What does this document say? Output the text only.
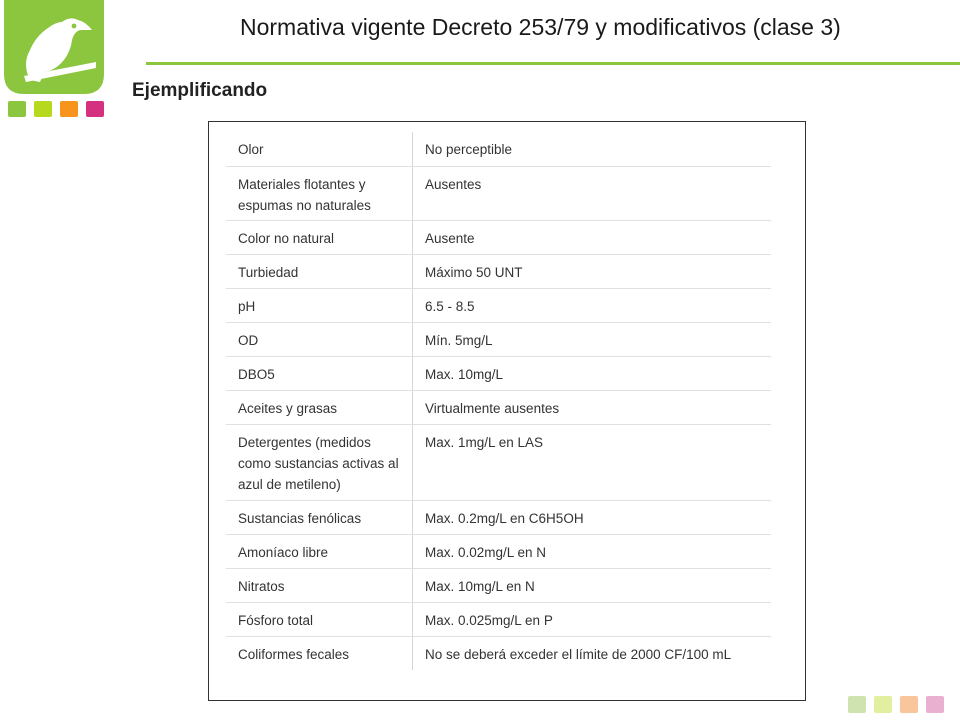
Normativa vigente Decreto 253/79 y modificativos (clase 3)
Ejemplificando
Olor	No perceptible
Materiales flotantes y espumas no naturales	Ausentes
Color no natural	Ausente
Turbiedad	Máximo 50 UNT
pH	6.5 - 8.5
OD	Mín. 5mg/L
DBO5	Max. 10mg/L
Aceites y grasas	Virtualmente ausentes
Detergentes (medidos como sustancias activas al azul de metileno)	Max. 1mg/L en LAS
Sustancias fenólicas	Max. 0.2mg/L en C6H5OH
Amoníaco libre	Max. 0.02mg/L en N
Nitratos	Max. 10mg/L en N
Fósforo total	Max. 0.025mg/L en P
Coliformes fecales	No se deberá exceder el límite de 2000 CF/100 mL
